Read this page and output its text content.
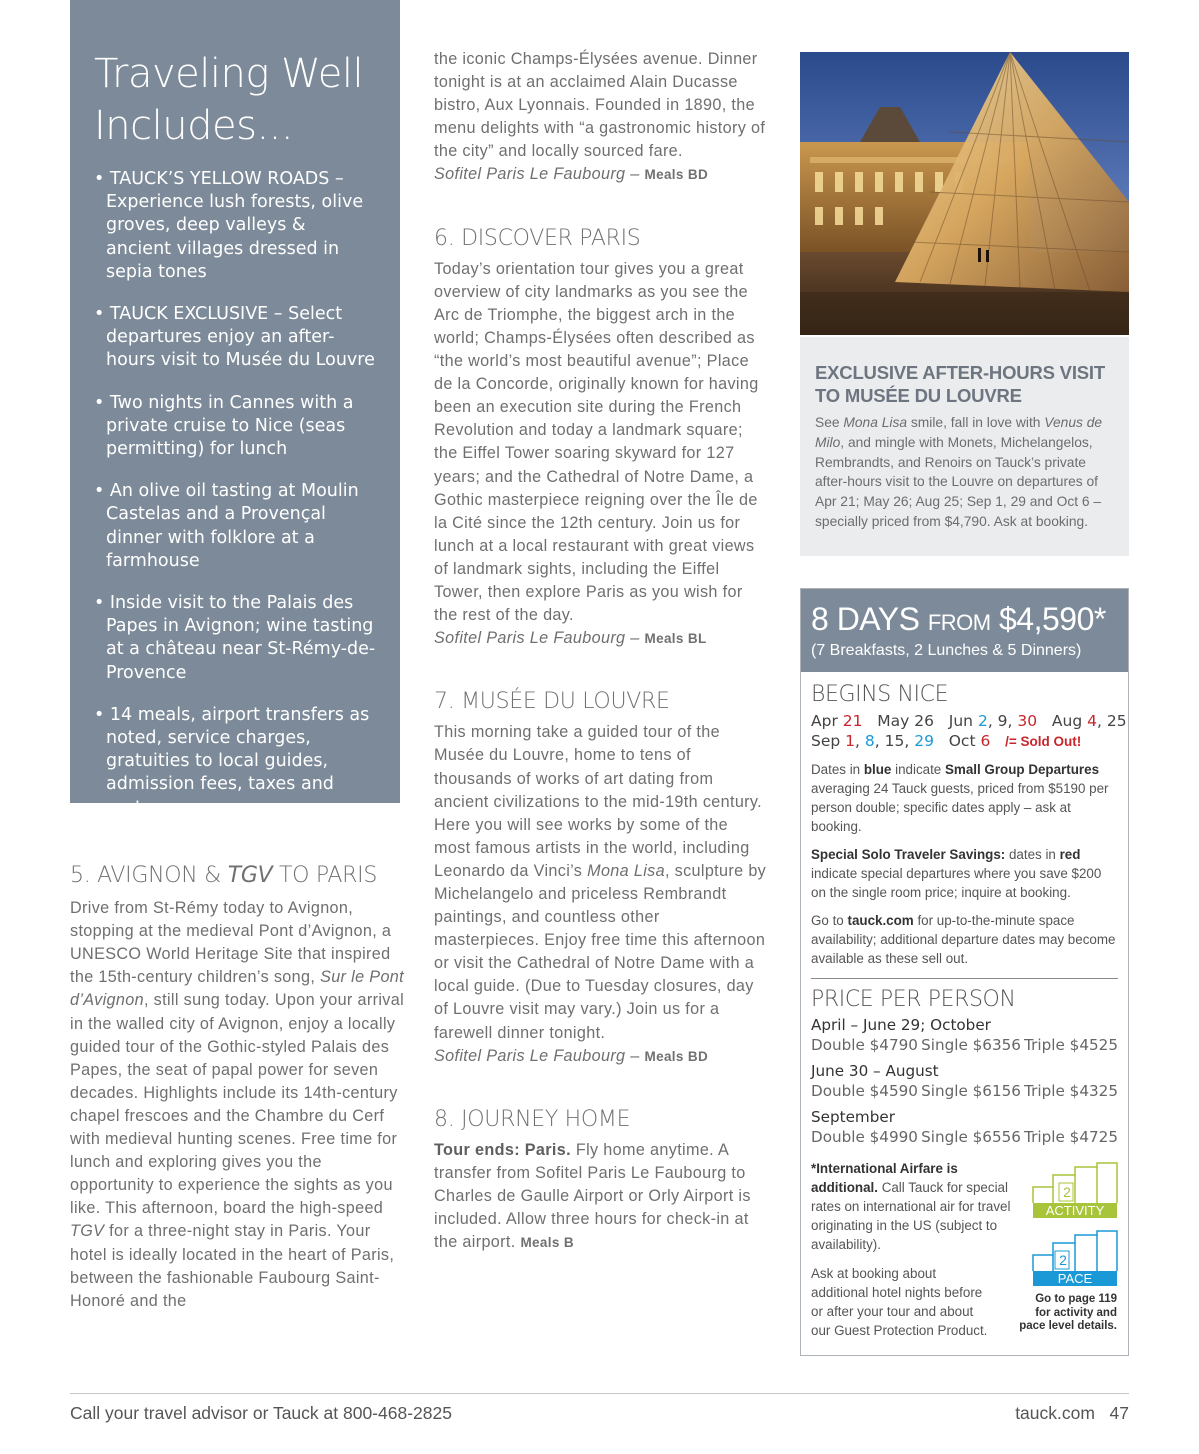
Traveling Well
Includes...
• TAUCK’S YELLOW ROADS – Experience lush forests, olive groves, deep valleys & ancient villages dressed in sepia tones
• TAUCK EXCLUSIVE – Select departures enjoy an after-hours visit to Musée du Louvre
• Two nights in Cannes with a private cruise to Nice (seas permitting) for lunch
• An olive oil tasting at Moulin Castelas and a Provençal dinner with folklore at a farmhouse
• Inside visit to the Palais des Papes in Avignon; wine tasting at a château near St-Rémy-de-Provence
• 14 meals, airport transfers as noted, service charges, gratuities to local guides, admission fees, taxes and porterage
5. AVIGNON & TGV TO PARIS

Drive from St-Rémy today to Avignon, stopping at the medieval Pont d’Avignon, a UNESCO World Heritage Site that inspired the 15th-century children’s song, Sur le Pont d’Avignon, still sung today. Upon your arrival in the walled city of Avignon, enjoy a locally guided tour of the Gothic-styled Palais des Papes, the seat of papal power for seven decades. Highlights include its 14th-century chapel frescoes and the Chambre du Cerf with medieval hunting scenes. Free time for lunch and exploring gives you the opportunity to experience the sights as you like. This afternoon, board the high-speed TGV for a three-night stay in Paris. Your hotel is ideally located in the heart of Paris, between the fashionable Faubourg Saint-Honoré and the

the iconic Champs-Élysées avenue. Dinner tonight is at an acclaimed Alain Ducasse bistro, Aux Lyonnais. Founded in 1890, the menu delights with “a gastronomic history of the city” and locally sourced fare.

Sofitel Paris Le Faubourg – Meals BD

6. DISCOVER PARIS

Today’s orientation tour gives you a great overview of city landmarks as you see the Arc de Triomphe, the biggest arch in the world; Champs-Élysées often described as “the world’s most beautiful avenue”; Place de la Concorde, originally known for having been an execution site during the French Revolution and today a landmark square; the Eiffel Tower soaring skyward for 127 years; and the Cathedral of Notre Dame, a Gothic masterpiece reigning over the Île de la Cité since the 12th century. Join us for lunch at a local restaurant with great views of landmark sights, including the Eiffel Tower, then explore Paris as you wish for the rest of the day.

Sofitel Paris Le Faubourg – Meals BL

7. MUSÉE DU LOUVRE

This morning take a guided tour of the Musée du Louvre, home to tens of thousands of works of art dating from ancient civilizations to the mid-19th century. Here you will see works by some of the most famous artists in the world, including Leonardo da Vinci’s Mona Lisa, sculpture by Michelangelo and priceless Rembrandt paintings, and countless other masterpieces. Enjoy free time this afternoon or visit the Cathedral of Notre Dame with a local guide. (Due to Tuesday closures, day of Louvre visit may vary.) Join us for a farewell dinner tonight.

Sofitel Paris Le Faubourg – Meals BD

8. JOURNEY HOME

Tour ends: Paris. Fly home anytime. A transfer from Sofitel Paris Le Faubourg to Charles de Gaulle Airport or Orly Airport is included. Allow three hours for check-in at the airport. Meals B

EXCLUSIVE AFTER-HOURS VISIT TO MUSÉE DU LOUVRE

See Mona Lisa smile, fall in love with Venus de Milo, and mingle with Monets, Michelangelos, Rembrandts, and Renoirs on Tauck’s private after-hours visit to the Louvre on departures of Apr 21; May 26; Aug 25; Sep 1, 29 and Oct 6 – specially priced from $4,790. Ask at booking.

8 DAYS FROM $4,590*
(7 Breakfasts, 2 Lunches & 5 Dinners)
BEGINS NICE
Apr 21 May 26 Jun 2, 9, 30 Aug 4, 25
Sep 1, 8, 15, 29 Oct 6 /= Sold Out!

Dates in blue indicate Small Group Departures averaging 24 Tauck guests, priced from $5190 per person double; specific dates apply – ask at booking.

Special Solo Traveler Savings: dates in red indicate special departures where you save $200 on the single room price; inquire at booking.

Go to tauck.com for up-to-the-minute space availability; additional departure dates may become available as these sell out.

PRICE PER PERSON
April – June 29; October
Double $4790 Single $6356 Triple $4525
June 30 – August
Double $4590 Single $6156 Triple $4325
September
Double $4990 Single $6556 Triple $4725

*International Airfare is additional. Call Tauck for special rates on international air for travel originating in the US (subject to availability).

Ask at booking about additional hotel nights before or after your tour and about our Guest Protection Product.

2
ACTIVITY
2
PACE
Go to page 119 for activity and pace level details.
Call your travel advisor or Tauck at 800-468-2825	tauck.com 47
